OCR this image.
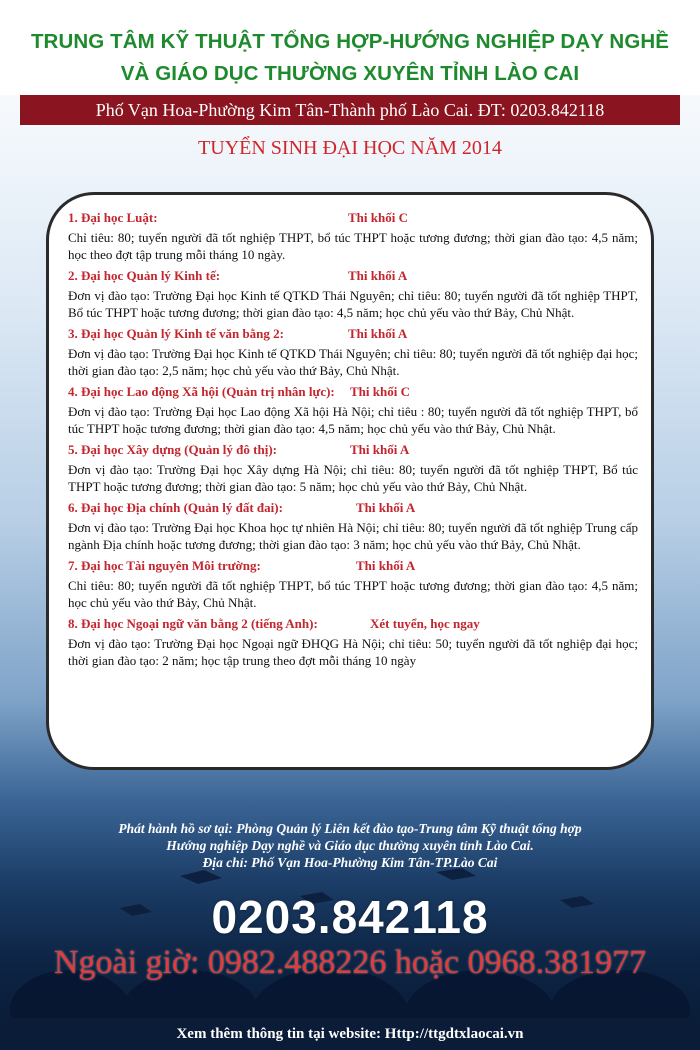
TRUNG TÂM KỸ THUẬT TỔNG HỢP-HƯỚNG NGHIỆP DẠY NGHỀ
VÀ GIÁO DỤC THƯỜNG XUYÊN TỈNH LÀO CAI
Phố Vạn Hoa-Phường Kim Tân-Thành phố Lào Cai. ĐT: 0203.842118
TUYỂN SINH ĐẠI HỌC NĂM 2014
1. Đại học Luật:	Thi khối C
Chỉ tiêu: 80; tuyển người đã tốt nghiệp THPT, bổ túc THPT hoặc tương đương; thời gian đào tạo: 4,5 năm; học theo đợt tập trung mỗi tháng 10 ngày.
2. Đại học Quản lý Kinh tế:	Thi khối A
Đơn vị đào tạo: Trường Đại học Kinh tế QTKD Thái Nguyên; chỉ tiêu: 80; tuyển người đã tốt nghiệp THPT, Bổ túc THPT hoặc tương đương; thời gian đào tạo: 4,5 năm; học chủ yếu vào thứ Bảy, Chủ Nhật.
3. Đại học Quản lý Kinh tế văn bằng 2:	Thi khối A
Đơn vị đào tạo: Trường Đại học Kinh tế QTKD Thái Nguyên; chỉ tiêu: 80; tuyển người đã tốt nghiệp đại học; thời gian đào tạo: 2,5 năm; học chủ yếu vào thứ Bảy, Chủ Nhật.
4. Đại học Lao động Xã hội (Quản trị nhân lực): Thi khối C
Đơn vị đào tạo: Trường Đại học Lao động Xã hội Hà Nội; chỉ tiêu : 80; tuyển người đã tốt nghiệp THPT, bổ túc THPT hoặc tương đương; thời gian đào tạo: 4,5 năm; học chủ yếu vào thứ Bảy, Chủ Nhật.
5. Đại học Xây dựng (Quản lý đô thị):	Thi khối A
Đơn vị đào tạo: Trường Đại học Xây dựng Hà Nội; chỉ tiêu: 80; tuyển người đã tốt nghiệp THPT, Bổ túc THPT hoặc tương đương; thời gian đào tạo: 5 năm; học chủ yếu vào thứ Bảy, Chủ Nhật.
6. Đại học Địa chính (Quản lý đất đai):	Thi khối A
Đơn vị đào tạo: Trường Đại học Khoa học tự nhiên Hà Nội; chỉ tiêu: 80; tuyển người đã tốt nghiệp Trung cấp ngành Địa chính hoặc tương đương; thời gian đào tạo: 3 năm; học chủ yếu vào thứ Bảy, Chủ Nhật.
7. Đại học Tài nguyên Môi trường:	Thi khối A
Chỉ tiêu: 80; tuyển người đã tốt nghiệp THPT, bổ túc THPT hoặc tương đương; thời gian đào tạo: 4,5 năm; học chủ yếu vào thứ Bảy, Chủ Nhật.
8. Đại học Ngoại ngữ văn bằng 2 (tiếng Anh):	Xét tuyển, học ngay
Đơn vị đào tạo: Trường Đại học Ngoại ngữ ĐHQG Hà Nội; chỉ tiêu: 50; tuyển người đã tốt nghiệp đại học; thời gian đào tạo: 2 năm; học tập trung theo đợt mỗi tháng 10 ngày
Phát hành hồ sơ tại: Phòng Quản lý Liên kết đào tạo-Trung tâm Kỹ thuật tổng hợp
Hướng nghiệp Dạy nghề và Giáo dục thường xuyên tỉnh Lào Cai.
Địa chỉ: Phố Vạn Hoa-Phường Kim Tân-TP.Lào Cai
0203.842118
Ngoài giờ: 0982.488226 hoặc 0968.381977
Xem thêm thông tin tại website: Http://ttgdtxlaocai.vn
